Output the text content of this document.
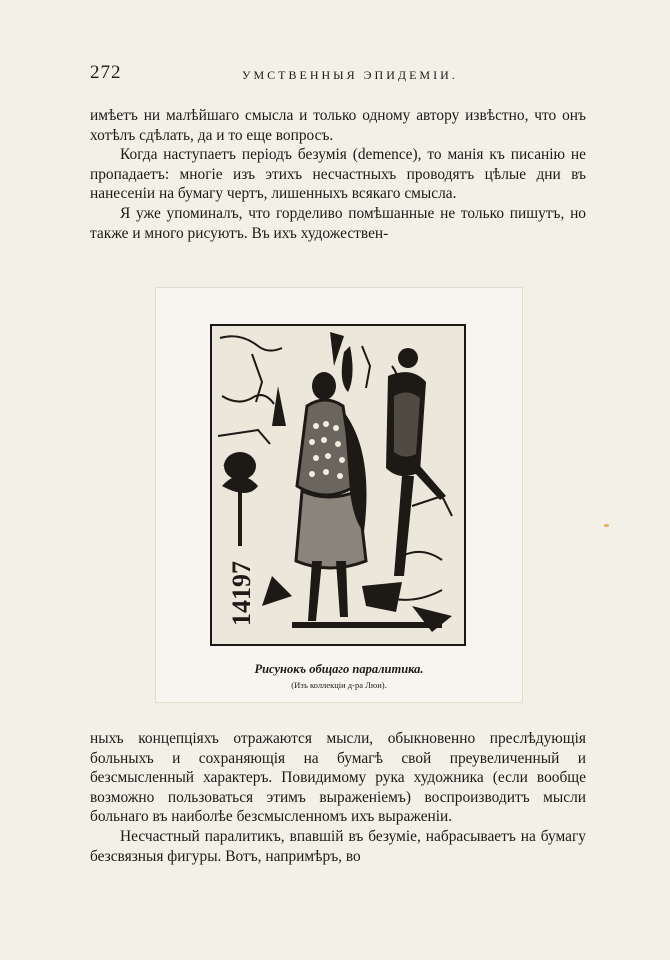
272	УМСТВЕННЫЯ ЭПИДЕМIИ.

имѣетъ ни малѣйшаго смысла и только одному автору извѣстно, что онъ хотѣлъ сдѣлать, да и то еще вопросъ.

Когда наступаетъ періодъ безумія (demence), то манія къ писанію не пропадаетъ: многіе изъ этихъ несчастныхъ проводятъ цѣлые дни въ нанесеніи на бумагу чертъ, лишенныхъ всякаго смысла.

Я уже упоминалъ, что горделиво помѣшанные не только пишутъ, но также и много рисуютъ. Въ ихъ художествен-

14197
Рисунокъ общаго паралитика.
(Изъ коллекціи д-ра Люи).

ныхъ концепціяхъ отражаются мысли, обыкновенно преслѣдующія больныхъ и сохраняющія на бумагѣ свой преувеличенный и безсмысленный характеръ. Повидимому рука художника (если вообще возможно пользоваться этимъ выраженіемъ) воспроизводитъ мысли больнаго въ наиболѣе безсмысленномъ ихъ выраженіи.

Несчастный паралитикъ, впавшій въ безуміе, набрасываетъ на бумагу безсвязныя фигуры. Вотъ, напримѣръ, во
